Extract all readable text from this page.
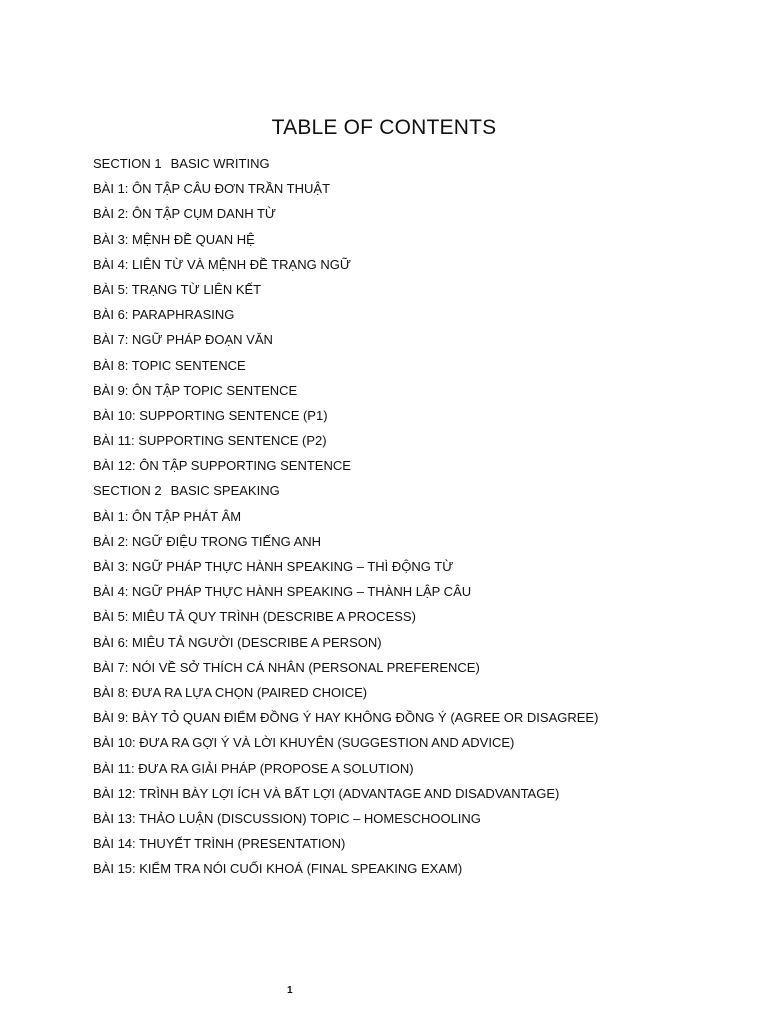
TABLE OF CONTENTS
SECTION 1 BASIC WRITING
BÀI 1: ÔN TẬP CÂU ĐƠN TRẦN THUẬT
BÀI 2: ÔN TẬP CỤM DANH TỪ
BÀI 3: MỆNH ĐỀ QUAN HỆ
BÀI 4: LIÊN TỪ VÀ MỆNH ĐỀ TRẠNG NGỮ
BÀI 5: TRẠNG TỪ LIÊN KẾT
BÀI 6: PARAPHRASING
BÀI 7: NGỮ PHÁP ĐOẠN VĂN
BÀI 8: TOPIC SENTENCE
BÀI 9: ÔN TẬP TOPIC SENTENCE
BÀI 10: SUPPORTING SENTENCE (P1)
BÀI 11: SUPPORTING SENTENCE (P2)
BÀI 12: ÔN TẬP SUPPORTING SENTENCE
SECTION 2 BASIC SPEAKING
BÀI 1: ÔN TẬP PHÁT ÂM
BÀI 2: NGỮ ĐIỆU TRONG TIẾNG ANH
BÀI 3: NGỮ PHÁP THỰC HÀNH SPEAKING – THÌ ĐỘNG TỪ
BÀI 4: NGỮ PHÁP THỰC HÀNH SPEAKING – THÀNH LẬP CÂU
BÀI 5: MIÊU TẢ QUY TRÌNH (DESCRIBE A PROCESS)
BÀI 6: MIÊU TẢ NGƯỜI (DESCRIBE A PERSON)
BÀI 7: NÓI VỀ SỞ THÍCH CÁ NHÂN (PERSONAL PREFERENCE)
BÀI 8: ĐƯA RA LỰA CHỌN (PAIRED CHOICE)
BÀI 9: BÀY TỎ QUAN ĐIỂM ĐỒNG Ý HAY KHÔNG ĐỒNG Ý (AGREE OR DISAGREE)
BÀI 10: ĐƯA RA GỢI Ý VÀ LỜI KHUYÊN (SUGGESTION AND ADVICE)
BÀI 11: ĐƯA RA GIẢI PHÁP (PROPOSE A SOLUTION)
BÀI 12: TRÌNH BÀY LỢI ÍCH VÀ BẤT LỢI (ADVANTAGE AND DISADVANTAGE)
BÀI 13: THẢO LUẬN (DISCUSSION) TOPIC – HOMESCHOOLING
BÀI 14: THUYẾT TRÌNH (PRESENTATION)
BÀI 15: KIỂM TRA NÓI CUỐI KHOÁ (FINAL SPEAKING EXAM)
1
